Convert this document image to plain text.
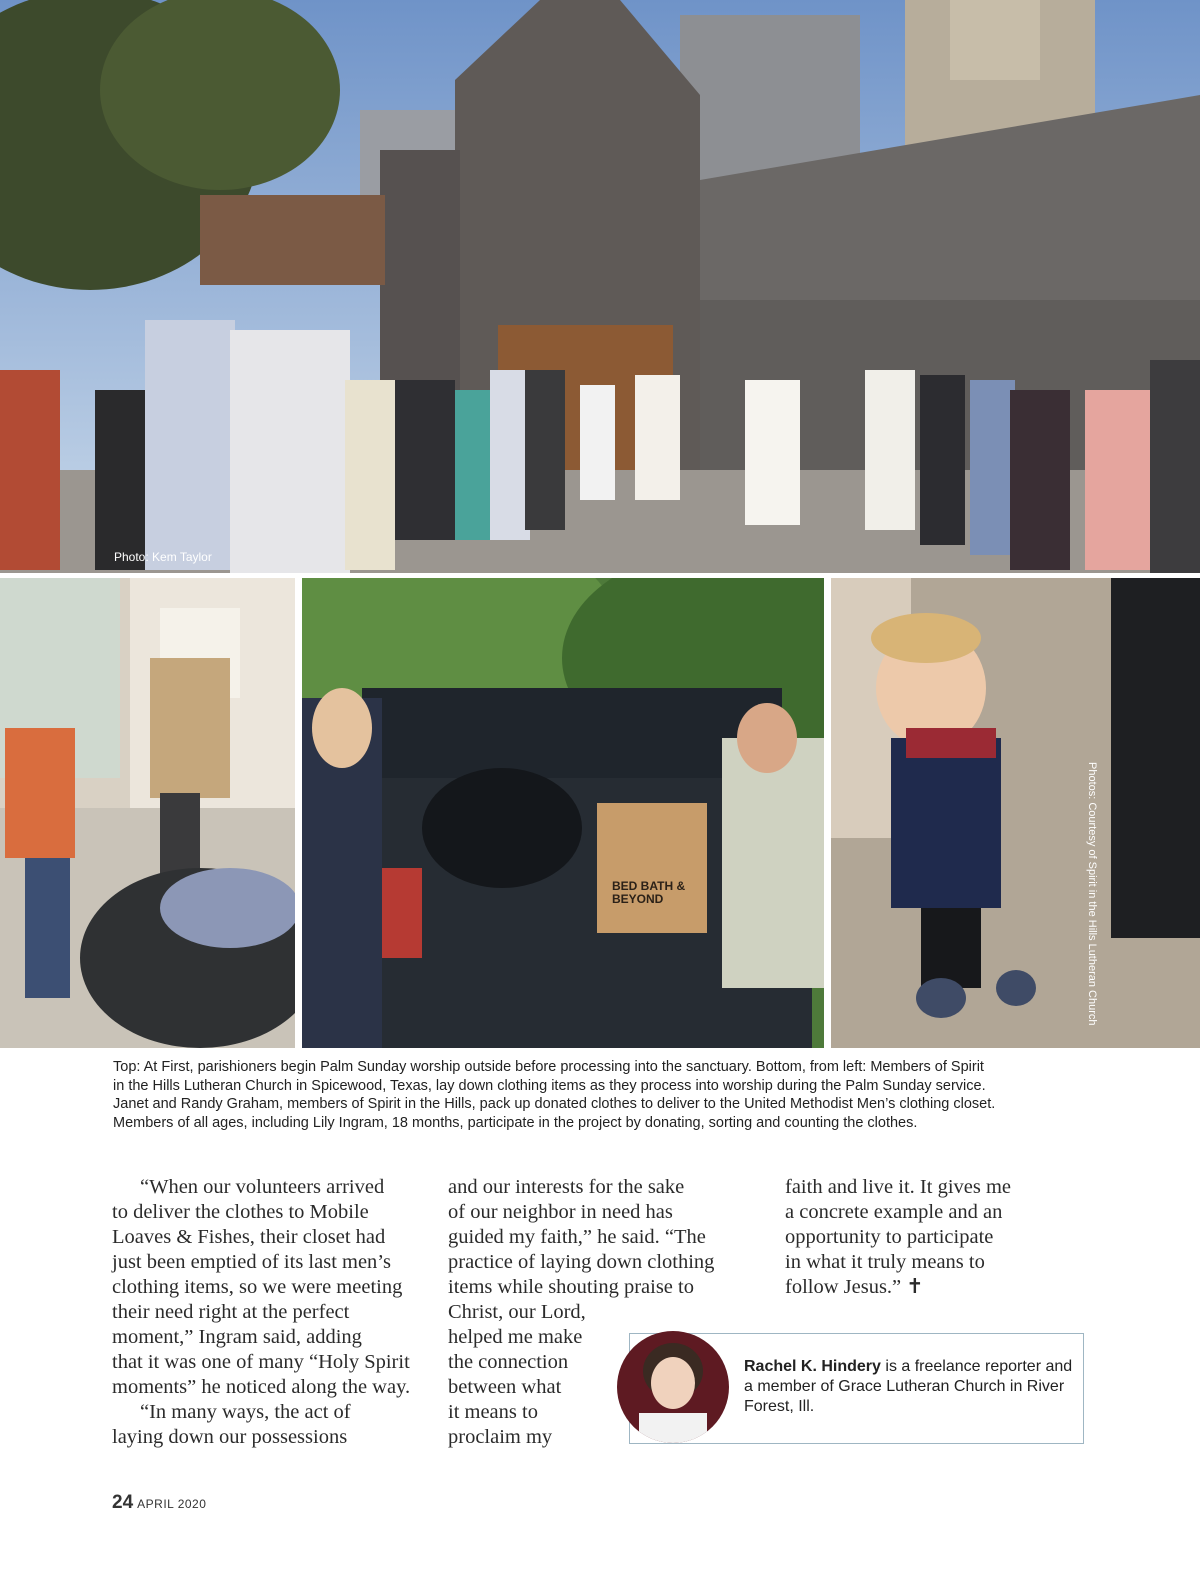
Photo: Kem Taylor
BED BATH & BEYOND	Photos: Courtesy of Spirit in the Hills Lutheran Church

Top: At First, parishioners begin Palm Sunday worship outside before processing into the sanctuary. Bottom, from left: Members of Spirit

in the Hills Lutheran Church in Spicewood, Texas, lay down clothing items as they process into worship during the Palm Sunday service.

Janet and Randy Graham, members of Spirit in the Hills, pack up donated clothes to deliver to the United Methodist Men’s clothing closet.

Members of all ages, including Lily Ingram, 18 months, participate in the project by donating, sorting and counting the clothes.

“When our volunteers arrived
to deliver the clothes to Mobile
Loaves & Fishes, their closet had
just been emptied of its last men’s
clothing items, so we were meeting
their need right at the perfect
moment,” Ingram said, adding
that it was one of many “Holy Spirit
moments” he noticed along the way.
“In many ways, the act of
laying down our possessions
and our interests for the sake
of our neighbor in need has
guided my faith,” he said. “The
practice of laying down clothing
items while shouting praise to
Christ, our Lord,
helped me make
the connection
between what
it means to
proclaim my
faith and live it. It gives me
a concrete example and an
opportunity to participate
in what it truly means to
follow Jesus.” ✝
Rachel K. Hindery is a freelance reporter and a member of Grace Lutheran Church in River Forest, Ill.
24 APRIL 2020
